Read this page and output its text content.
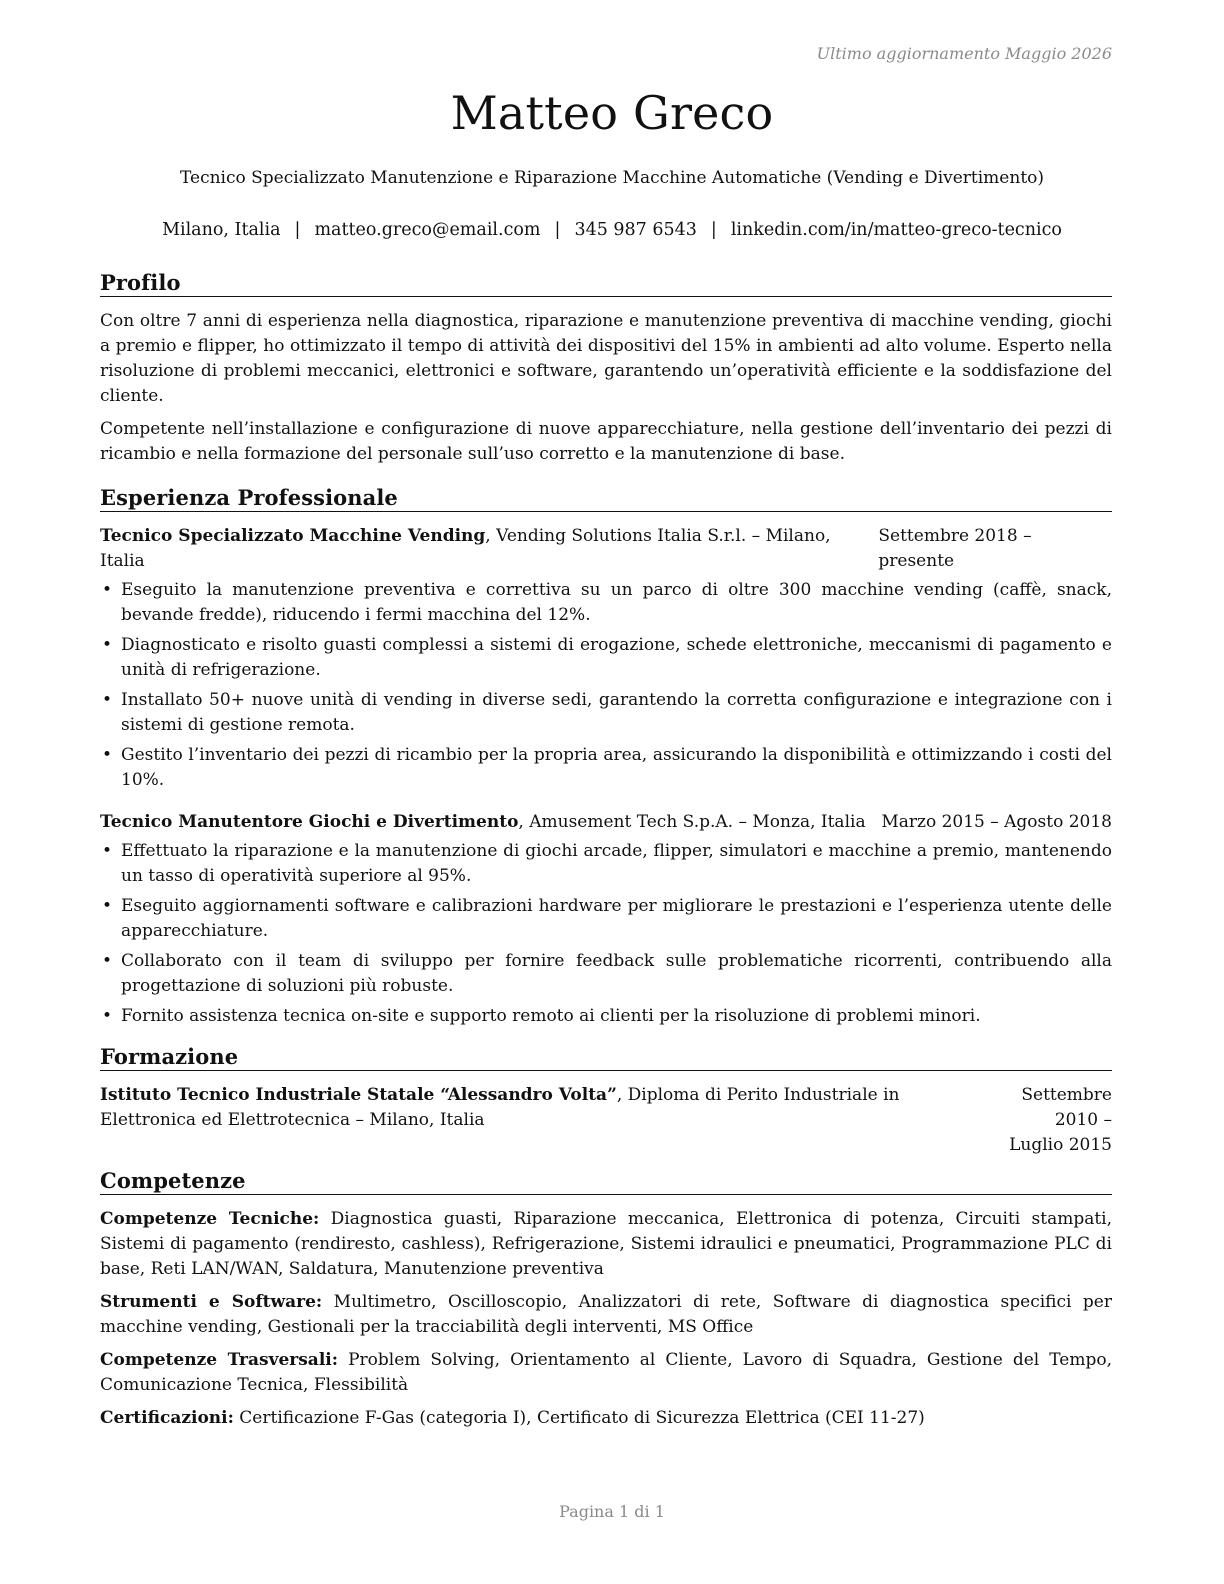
Ultimo aggiornamento Maggio 2026
Matteo Greco
Tecnico Specializzato Manutenzione e Riparazione Macchine Automatiche (Vending e Divertimento)
Milano, Italia | matteo.greco@email.com | 345 987 6543 | linkedin.com/in/matteo-greco-tecnico
Profilo

Con oltre 7 anni di esperienza nella diagnostica, riparazione e manutenzione preventiva di macchine vending, giochi a premio e flipper, ho ottimizzato il tempo di attività dei dispositivi del 15% in ambienti ad alto volume. Esperto nella risoluzione di problemi meccanici, elettronici e software, garantendo un’operatività efficiente e la soddisfazione del cliente.

Competente nell’installazione e configurazione di nuove apparecchiature, nella gestione dell’inventario dei pezzi di ricambio e nella formazione del personale sull’uso corretto e la manutenzione di base.

Esperienza Professionale
Tecnico Specializzato Macchine Vending, Vending Solutions Italia S.r.l. – Milano, Italia
Settembre 2018 – presente
• Eseguito la manutenzione preventiva e correttiva su un parco di oltre 300 macchine vending (caffè, snack, bevande fredde), riducendo i fermi macchina del 12%.
• Diagnosticato e risolto guasti complessi a sistemi di erogazione, schede elettroniche, meccanismi di pagamento e unità di refrigerazione.
• Installato 50+ nuove unità di vending in diverse sedi, garantendo la corretta configurazione e integrazione con i sistemi di gestione remota.
• Gestito l’inventario dei pezzi di ricambio per la propria area, assicurando la disponibilità e ottimizzando i costi del 10%.
Tecnico Manutentore Giochi e Divertimento, Amusement Tech S.p.A. – Monza, Italia Marzo 2015 – Agosto 2018
• Effettuato la riparazione e la manutenzione di giochi arcade, flipper, simulatori e macchine a premio, mantenendo un tasso di operatività superiore al 95%.
• Eseguito aggiornamenti software e calibrazioni hardware per migliorare le prestazioni e l’esperienza utente delle apparecchiature.
• Collaborato con il team di sviluppo per fornire feedback sulle problematiche ricorrenti, contribuendo alla progettazione di soluzioni più robuste.
• Fornito assistenza tecnica on-site e supporto remoto ai clienti per la risoluzione di problemi minori.
Formazione
Istituto Tecnico Industriale Statale “Alessandro Volta”, Diploma di Perito Industriale in Elettronica ed Elettrotecnica – Milano, Italia
Settembre 2010 – Luglio 2015
Competenze

Competenze Tecniche: Diagnostica guasti, Riparazione meccanica, Elettronica di potenza, Circuiti stampati, Sistemi di pagamento (rendiresto, cashless), Refrigerazione, Sistemi idraulici e pneumatici, Programmazione PLC di base, Reti LAN/WAN, Saldatura, Manutenzione preventiva

Strumenti e Software: Multimetro, Oscilloscopio, Analizzatori di rete, Software di diagnostica specifici per macchine vending, Gestionali per la tracciabilità degli interventi, MS Office

Competenze Trasversali: Problem Solving, Orientamento al Cliente, Lavoro di Squadra, Gestione del Tempo, Comunicazione Tecnica, Flessibilità

Certificazioni: Certificazione F-Gas (categoria I), Certificato di Sicurezza Elettrica (CEI 11-27)

Pagina 1 di 1
